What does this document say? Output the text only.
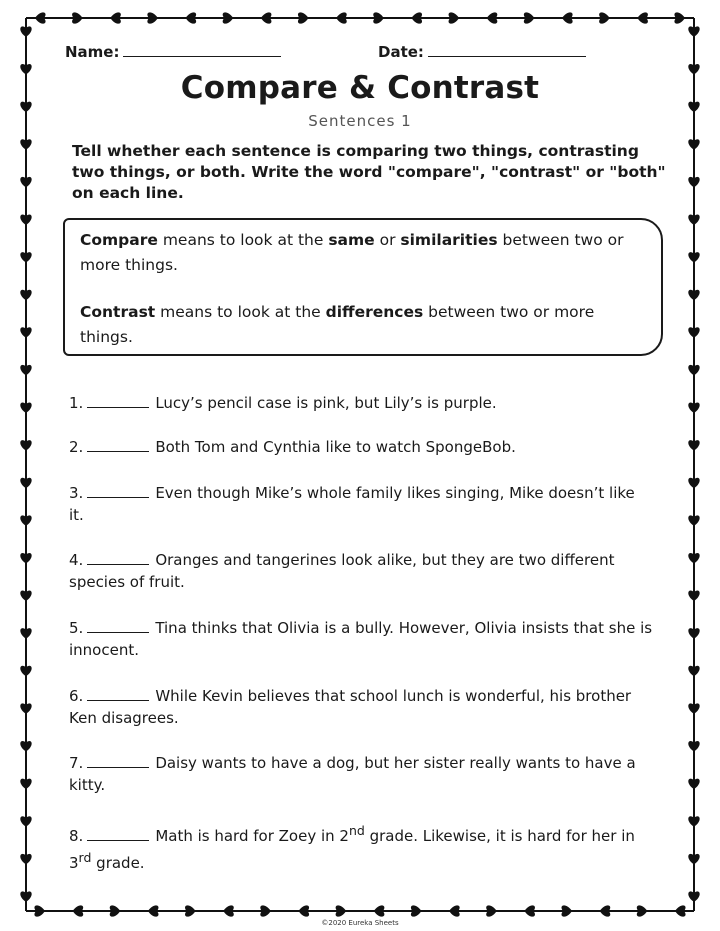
Name:	Date:
Compare & Contrast
Sentences 1
Tell whether each sentence is comparing two things, contrasting two things, or both. Write the word "compare", "contrast" or "both" on each line.

Compare means to look at the same or similarities between two or more things.

Contrast means to look at the differences between two or more things.

1.	Lucy’s pencil case is pink, but Lily’s is purple.
2.	Both Tom and Cynthia like to watch SpongeBob.
3.	Even though Mike’s whole family likes singing, Mike doesn’t like it.
4.	Oranges and tangerines look alike, but they are two different species of fruit.
5.	Tina thinks that Olivia is a bully. However, Olivia insists that she is innocent.
6.	While Kevin believes that school lunch is wonderful, his brother Ken disagrees.
7.	Daisy wants to have a dog, but her sister really wants to have a kitty.
8.	Math is hard for Zoey in 2nd grade. Likewise, it is hard for her in 3rd grade.
©2020 Eureka Sheets
